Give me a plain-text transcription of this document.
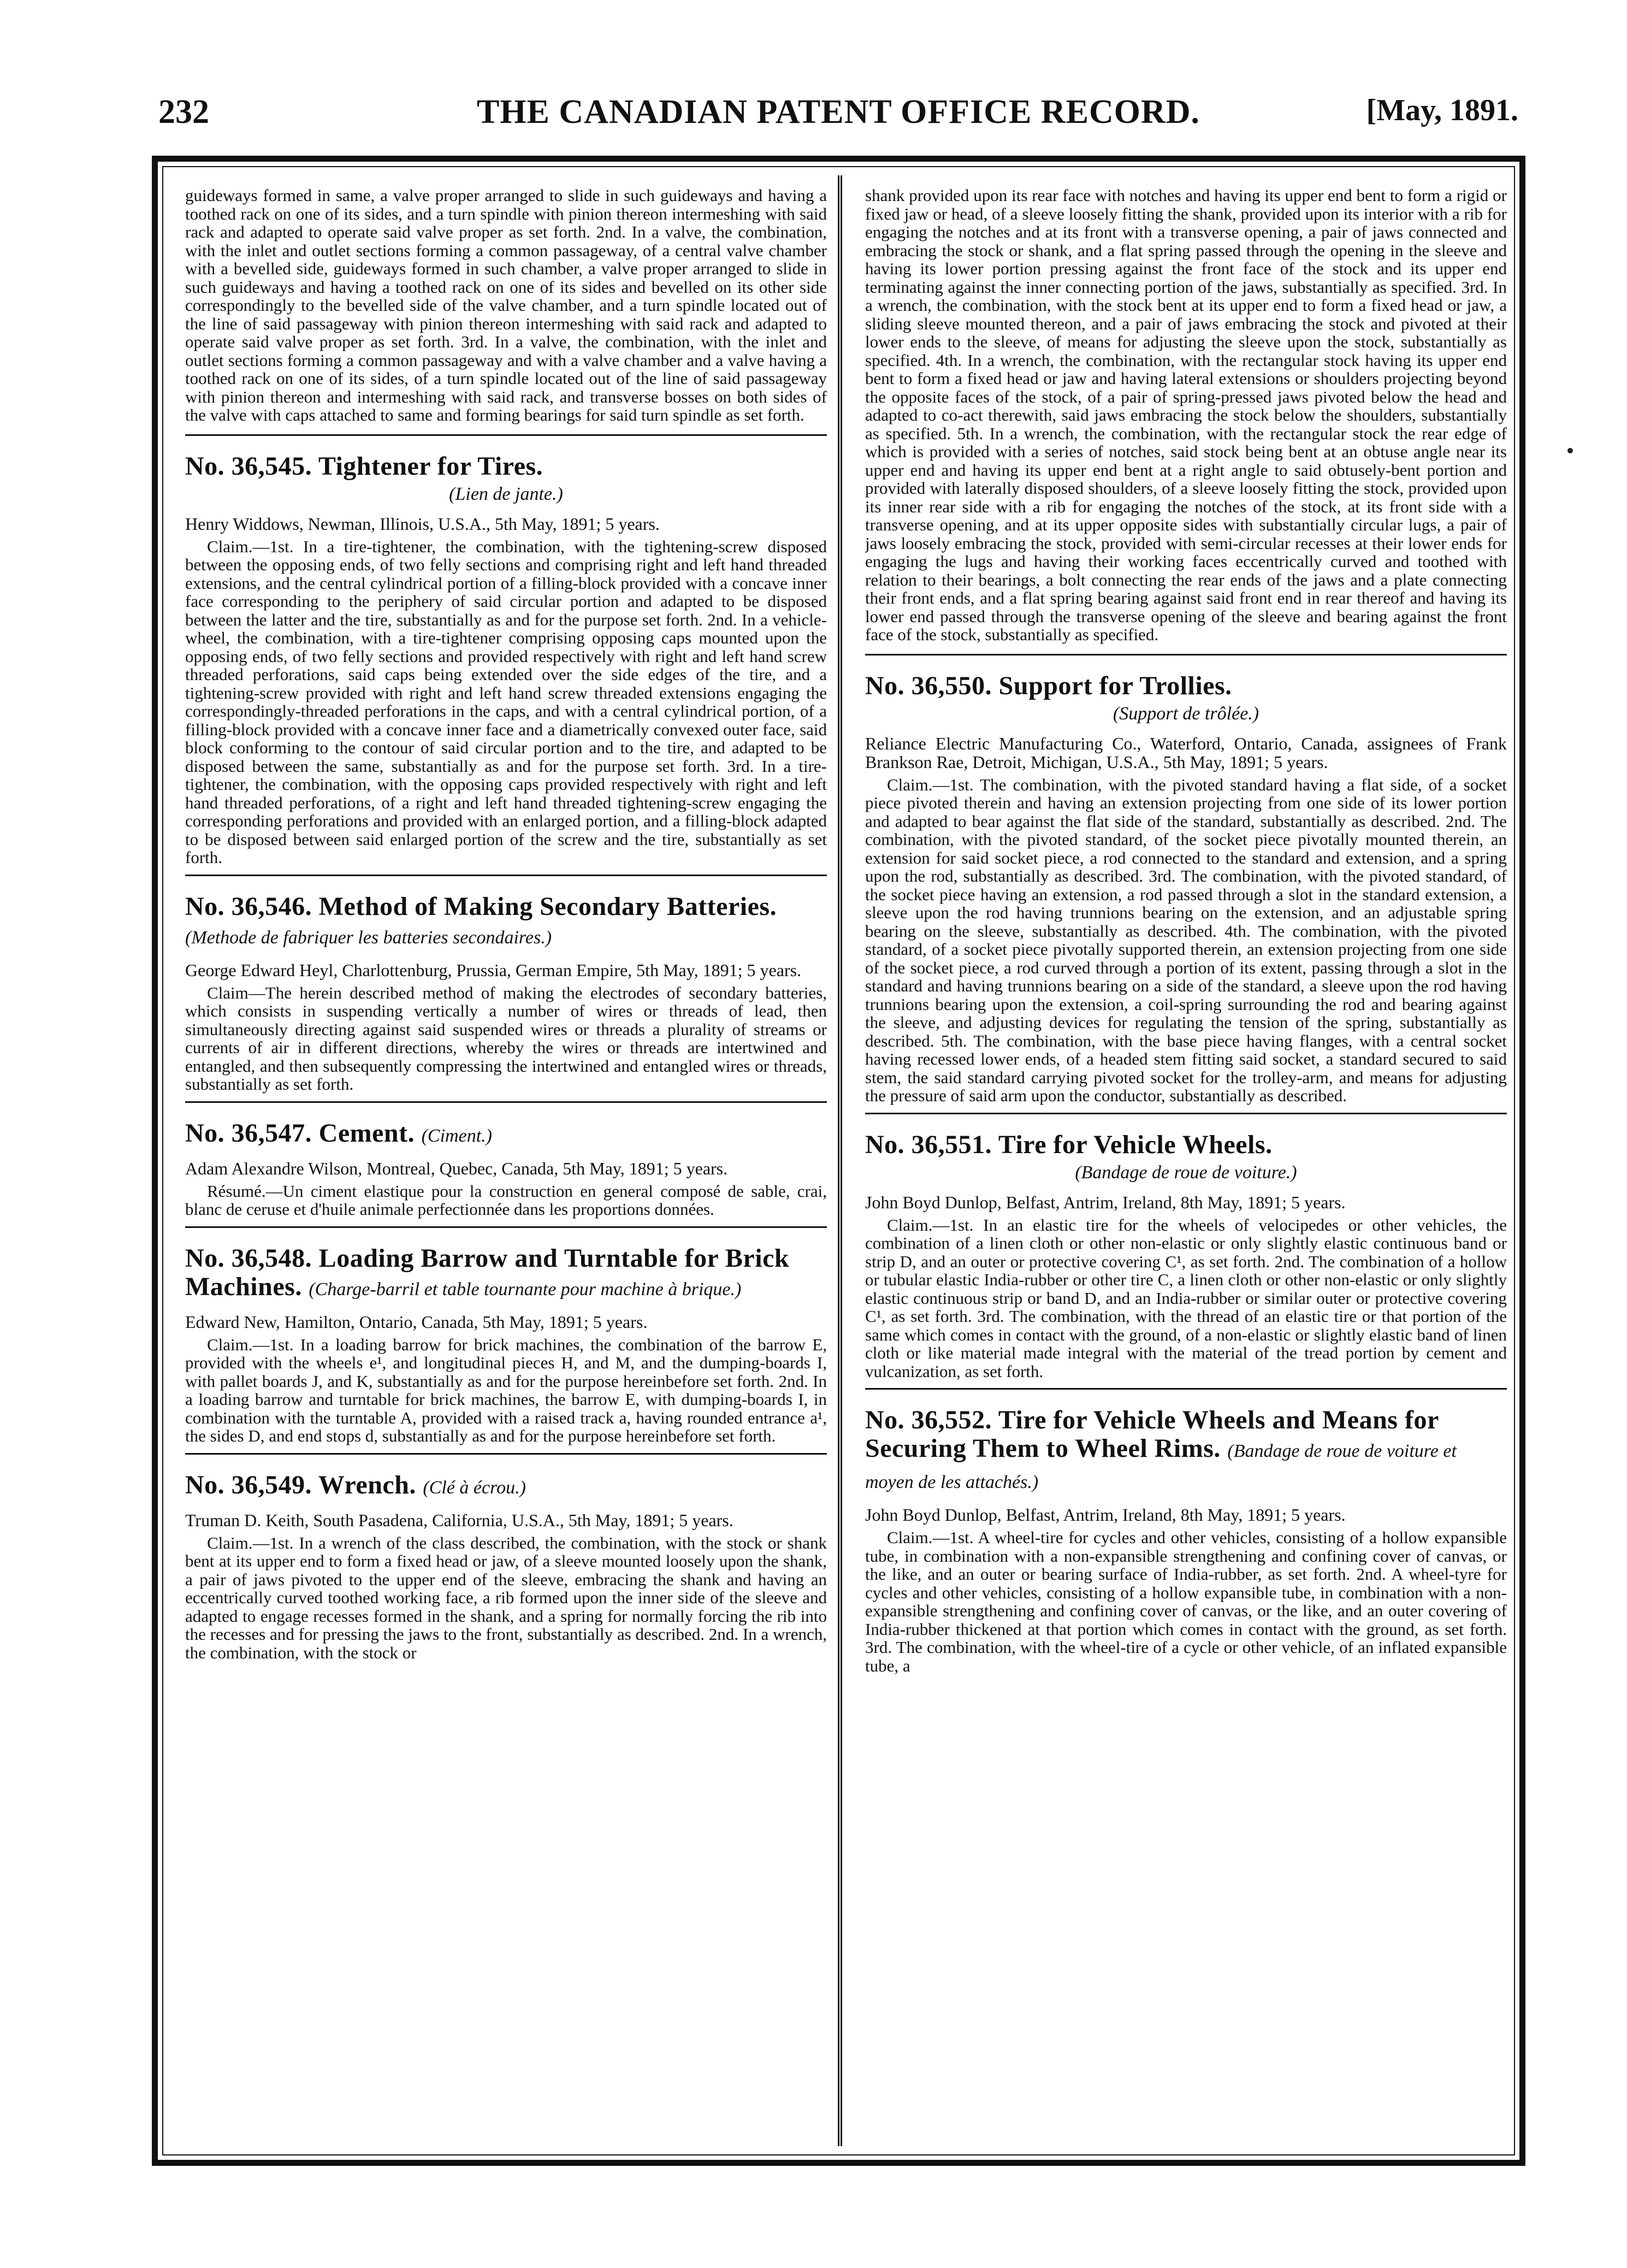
232	THE CANADIAN PATENT OFFICE RECORD.	[May, 1891.

guideways formed in same, a valve proper arranged to slide in such guideways and having a toothed rack on one of its sides, and a turn spindle with pinion thereon intermeshing with said rack and adapted to operate said valve proper as set forth. 2nd. In a valve, the combination, with the inlet and outlet sections forming a common passageway, of a central valve chamber with a bevelled side, guideways formed in such chamber, a valve proper arranged to slide in such guideways and having a toothed rack on one of its sides and bevelled on its other side correspondingly to the bevelled side of the valve chamber, and a turn spindle located out of the line of said passageway with pinion thereon intermeshing with said rack and adapted to operate said valve proper as set forth. 3rd. In a valve, the combination, with the inlet and outlet sections forming a common passageway and with a valve chamber and a valve having a toothed rack on one of its sides, of a turn spindle located out of the line of said passageway with pinion thereon and intermeshing with said rack, and transverse bosses on both sides of the valve with caps attached to same and forming bearings for said turn spindle as set forth.

No. 36,545. Tightener for Tires.
(Lien de jante.)

Henry Widdows, Newman, Illinois, U.S.A., 5th May, 1891; 5 years.

Claim.—1st. In a tire-tightener, the combination, with the tightening-screw disposed between the opposing ends, of two felly sections and comprising right and left hand threaded extensions, and the central cylindrical portion of a filling-block provided with a concave inner face corresponding to the periphery of said circular portion and adapted to be disposed between the latter and the tire, substantially as and for the purpose set forth. 2nd. In a vehicle-wheel, the combination, with a tire-tightener comprising opposing caps mounted upon the opposing ends, of two felly sections and provided respectively with right and left hand screw threaded perforations, said caps being extended over the side edges of the tire, and a tightening-screw provided with right and left hand screw threaded extensions engaging the correspondingly-threaded perforations in the caps, and with a central cylindrical portion, of a filling-block provided with a concave inner face and a diametrically convexed outer face, said block conforming to the contour of said circular portion and to the tire, and adapted to be disposed between the same, substantially as and for the purpose set forth. 3rd. In a tire-tightener, the combination, with the opposing caps provided respectively with right and left hand threaded perforations, of a right and left hand threaded tightening-screw engaging the corresponding perforations and provided with an enlarged portion, and a filling-block adapted to be disposed between said enlarged portion of the screw and the tire, substantially as set forth.

No. 36,546. Method of Making Secondary Batteries. (Methode de fabriquer les batteries secondaires.)

George Edward Heyl, Charlottenburg, Prussia, German Empire, 5th May, 1891; 5 years.

Claim—The herein described method of making the electrodes of secondary batteries, which consists in suspending vertically a number of wires or threads of lead, then simultaneously directing against said suspended wires or threads a plurality of streams or currents of air in different directions, whereby the wires or threads are intertwined and entangled, and then subsequently compressing the intertwined and entangled wires or threads, substantially as set forth.

No. 36,547. Cement. (Ciment.)

Adam Alexandre Wilson, Montreal, Quebec, Canada, 5th May, 1891; 5 years.

Résumé.—Un ciment elastique pour la construction en general composé de sable, crai, blanc de ceruse et d'huile animale perfectionnée dans les proportions données.

No. 36,548. Loading Barrow and Turntable for Brick Machines. (Charge-barril et table tournante pour machine à brique.)

Edward New, Hamilton, Ontario, Canada, 5th May, 1891; 5 years.

Claim.—1st. In a loading barrow for brick machines, the combination of the barrow E, provided with the wheels e¹, and longitudinal pieces H, and M, and the dumping-boards I, with pallet boards J, and K, substantially as and for the purpose hereinbefore set forth. 2nd. In a loading barrow and turntable for brick machines, the barrow E, with dumping-boards I, in combination with the turntable A, provided with a raised track a, having rounded entrance a¹, the sides D, and end stops d, substantially as and for the purpose hereinbefore set forth.

No. 36,549. Wrench. (Clé à écrou.)

Truman D. Keith, South Pasadena, California, U.S.A., 5th May, 1891; 5 years.

Claim.—1st. In a wrench of the class described, the combination, with the stock or shank bent at its upper end to form a fixed head or jaw, of a sleeve mounted loosely upon the shank, a pair of jaws pivoted to the upper end of the sleeve, embracing the shank and having an eccentrically curved toothed working face, a rib formed upon the inner side of the sleeve and adapted to engage recesses formed in the shank, and a spring for normally forcing the rib into the recesses and for pressing the jaws to the front, substantially as described. 2nd. In a wrench, the combination, with the stock or

shank provided upon its rear face with notches and having its upper end bent to form a rigid or fixed jaw or head, of a sleeve loosely fitting the shank, provided upon its interior with a rib for engaging the notches and at its front with a transverse opening, a pair of jaws connected and embracing the stock or shank, and a flat spring passed through the opening in the sleeve and having its lower portion pressing against the front face of the stock and its upper end terminating against the inner connecting portion of the jaws, substantially as specified. 3rd. In a wrench, the combination, with the stock bent at its upper end to form a fixed head or jaw, a sliding sleeve mounted thereon, and a pair of jaws embracing the stock and pivoted at their lower ends to the sleeve, of means for adjusting the sleeve upon the stock, substantially as specified. 4th. In a wrench, the combination, with the rectangular stock having its upper end bent to form a fixed head or jaw and having lateral extensions or shoulders projecting beyond the opposite faces of the stock, of a pair of spring-pressed jaws pivoted below the head and adapted to co-act therewith, said jaws embracing the stock below the shoulders, substantially as specified. 5th. In a wrench, the combination, with the rectangular stock the rear edge of which is provided with a series of notches, said stock being bent at an obtuse angle near its upper end and having its upper end bent at a right angle to said obtusely-bent portion and provided with laterally disposed shoulders, of a sleeve loosely fitting the stock, provided upon its inner rear side with a rib for engaging the notches of the stock, at its front side with a transverse opening, and at its upper opposite sides with substantially circular lugs, a pair of jaws loosely embracing the stock, provided with semi-circular recesses at their lower ends for engaging the lugs and having their working faces eccentrically curved and toothed with relation to their bearings, a bolt connecting the rear ends of the jaws and a plate connecting their front ends, and a flat spring bearing against said front end in rear thereof and having its lower end passed through the transverse opening of the sleeve and bearing against the front face of the stock, substantially as specified.

No. 36,550. Support for Trollies.
(Support de trôlée.)

Reliance Electric Manufacturing Co., Waterford, Ontario, Canada, assignees of Frank Brankson Rae, Detroit, Michigan, U.S.A., 5th May, 1891; 5 years.

Claim.—1st. The combination, with the pivoted standard having a flat side, of a socket piece pivoted therein and having an extension projecting from one side of its lower portion and adapted to bear against the flat side of the standard, substantially as described. 2nd. The combination, with the pivoted standard, of the socket piece pivotally mounted therein, an extension for said socket piece, a rod connected to the standard and extension, and a spring upon the rod, substantially as described. 3rd. The combination, with the pivoted standard, of the socket piece having an extension, a rod passed through a slot in the standard extension, a sleeve upon the rod having trunnions bearing on the extension, and an adjustable spring bearing on the sleeve, substantially as described. 4th. The combination, with the pivoted standard, of a socket piece pivotally supported therein, an extension projecting from one side of the socket piece, a rod curved through a portion of its extent, passing through a slot in the standard and having trunnions bearing on a side of the standard, a sleeve upon the rod having trunnions bearing upon the extension, a coil-spring surrounding the rod and bearing against the sleeve, and adjusting devices for regulating the tension of the spring, substantially as described. 5th. The combination, with the base piece having flanges, with a central socket having recessed lower ends, of a headed stem fitting said socket, a standard secured to said stem, the said standard carrying pivoted socket for the trolley-arm, and means for adjusting the pressure of said arm upon the conductor, substantially as described.

No. 36,551. Tire for Vehicle Wheels.
(Bandage de roue de voiture.)

John Boyd Dunlop, Belfast, Antrim, Ireland, 8th May, 1891; 5 years.

Claim.—1st. In an elastic tire for the wheels of velocipedes or other vehicles, the combination of a linen cloth or other non-elastic or only slightly elastic continuous band or strip D, and an outer or protective covering C¹, as set forth. 2nd. The combination of a hollow or tubular elastic India-rubber or other tire C, a linen cloth or other non-elastic or only slightly elastic continuous strip or band D, and an India-rubber or similar outer or protective covering C¹, as set forth. 3rd. The combination, with the thread of an elastic tire or that portion of the same which comes in contact with the ground, of a non-elastic or slightly elastic band of linen cloth or like material made integral with the material of the tread portion by cement and vulcanization, as set forth.

No. 36,552. Tire for Vehicle Wheels and Means for Securing Them to Wheel Rims. (Bandage de roue de voiture et moyen de les attachés.)

John Boyd Dunlop, Belfast, Antrim, Ireland, 8th May, 1891; 5 years.

Claim.—1st. A wheel-tire for cycles and other vehicles, consisting of a hollow expansible tube, in combination with a non-expansible strengthening and confining cover of canvas, or the like, and an outer or bearing surface of India-rubber, as set forth. 2nd. A wheel-tyre for cycles and other vehicles, consisting of a hollow expansible tube, in combination with a non-expansible strengthening and confining cover of canvas, or the like, and an outer covering of India-rubber thickened at that portion which comes in contact with the ground, as set forth. 3rd. The combination, with the wheel-tire of a cycle or other vehicle, of an inflated expansible tube, a
